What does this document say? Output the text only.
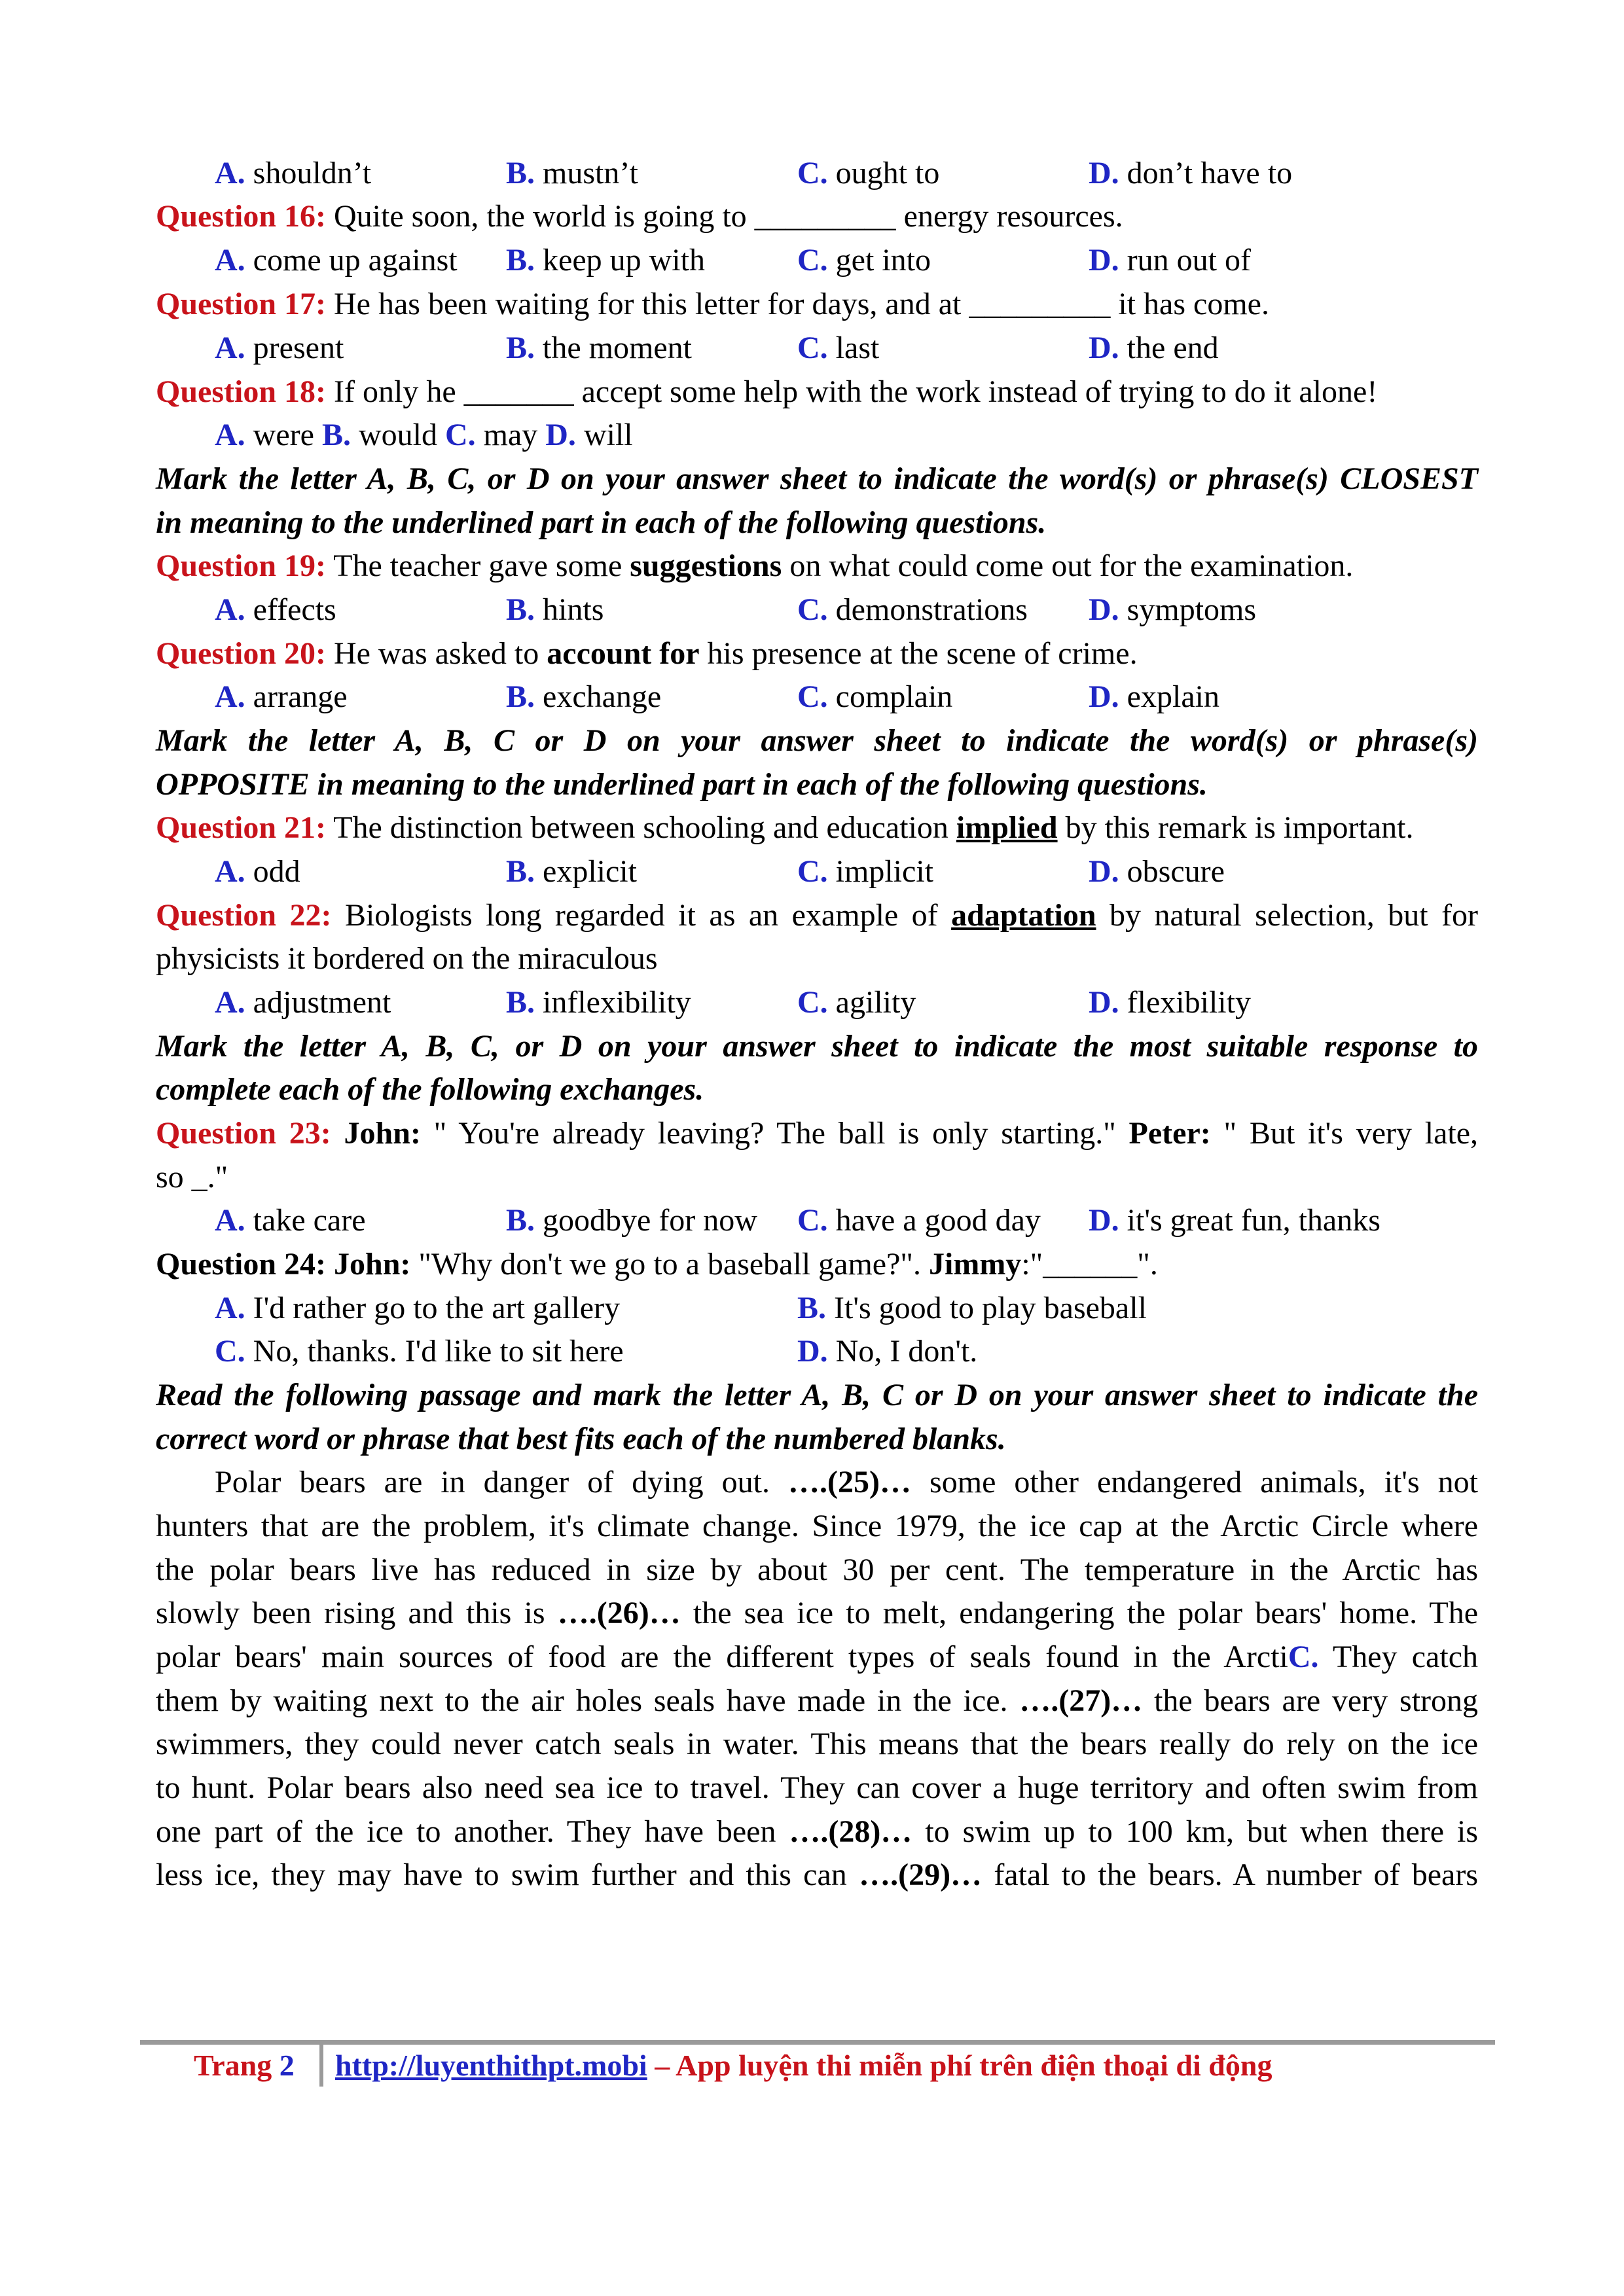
A. shouldn’t	B. mustn’t	C. ought to	D. don’t have to
Question 16: Quite soon, the world is going to _________ energy resources.
A. come up against B. keep up with	C. get into	D. run out of
Question 17: He has been waiting for this letter for days, and at _________ it has come.
A. present	B. the moment	C. last	D. the end
Question 18: If only he _______ accept some help with the work instead of trying to do it alone!
A. were B. would C. may D. will
Mark the letter A, B, C, or D on your answer sheet to indicate the word(s) or phrase(s) CLOSEST
in meaning to the underlined part in each of the following questions.
Question 19: The teacher gave some suggestions on what could come out for the examination.
A. effects	B. hints	C. demonstrations D. symptoms
Question 20: He was asked to account for his presence at the scene of crime.
A. arrange	B. exchange	C. complain	D. explain
Mark the letter A, B, C or D on your answer sheet to indicate the word(s) or phrase(s)
OPPOSITE in meaning to the underlined part in each of the following questions.
Question 21: The distinction between schooling and education implied by this remark is important.
A. odd	B. explicit	C. implicit	D. obscure
Question 22: Biologists long regarded it as an example of adaptation by natural selection, but for
physicists it bordered on the miraculous
A. adjustment	B. inflexibility	C. agility	D. flexibility
Mark the letter A, B, C, or D on your answer sheet to indicate the most suitable response to
complete each of the following exchanges.
Question 23: John: " You're already leaving? The ball is only starting." Peter: " But it's very late,
so _."
A. take care	B. goodbye for now C. have a good day D. it's great fun, thanks
Question 24: John: "Why don't we go to a baseball game?". Jimmy:"______".
A. I'd rather go to the art gallery	B. It's good to play baseball
C. No, thanks. I'd like to sit here	D. No, I don't.
Read the following passage and mark the letter A, B, C or D on your answer sheet to indicate the
correct word or phrase that best fits each of the numbered blanks.
Polar bears are in danger of dying out. ….(25)… some other endangered animals, it's not
hunters that are the problem, it's climate change. Since 1979, the ice cap at the Arctic Circle where
the polar bears live has reduced in size by about 30 per cent. The temperature in the Arctic has
slowly been rising and this is ….(26)… the sea ice to melt, endangering the polar bears' home. The
polar bears' main sources of food are the different types of seals found in the ArctiC. They catch
them by waiting next to the air holes seals have made in the ice. ….(27)… the bears are very strong
swimmers, they could never catch seals in water. This means that the bears really do rely on the ice
to hunt. Polar bears also need sea ice to travel. They can cover a huge territory and often swim from
one part of the ice to another. They have been ….(28)… to swim up to 100 km, but when there is
less ice, they may have to swim further and this can ….(29)… fatal to the bears. A number of bears
Trang 2 http://luyenthithpt.mobi – App luyện thi miễn phí trên điện thoại di động
